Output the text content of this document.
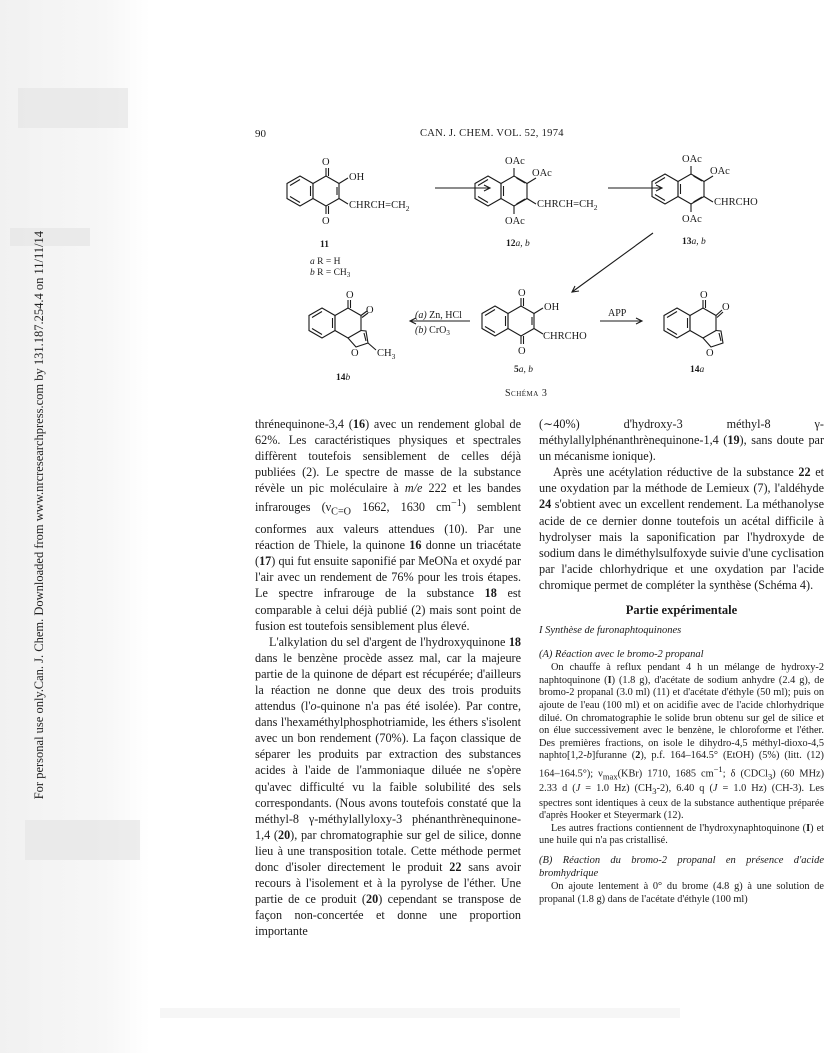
Can. J. Chem. Downloaded from www.nrcresearchpress.com by 131.187.254.4 on 11/11/14
For personal use only.
90	CAN. J. CHEM. VOL. 52, 1974
O
O
OH
$CHRCH=CH_2$
11
a R = H
b $R = CH_3$
OAc
OAc
OAc
$CHRCH=CH_2$
12a, b
OAc
OAc
OAc
CHRCHO
13a, b
O
O
OH
CHRCHO
5a, b
(a) Zn, HCl
(b) CrO$_3$
APP
O
O
O $CH_3$
14b
O
O
O
14a
Schéma 3

thrénequinone-3,4 (16) avec un rendement global de 62%. Les caractéristiques physiques et spectrales diffèrent toutefois sensiblement de celles déjà publiées (2). Le spectre de masse de la substance révèle un pic moléculaire à m/e 222 et les bandes infrarouges ($\nu_{C=O}$ 1662, 1630 $cm^{-1}$) semblent conformes aux valeurs attendues (10). Par une réaction de Thiele, la quinone 16 donne un triacétate (17) qui fut ensuite saponifié par MeONa et oxydé par l'air avec un rendement de 76% pour les trois étapes. Le spectre infrarouge de la substance 18 est comparable à celui déjà publié (2) mais sont point de fusion est toutefois sensiblement plus élevé.

L'alkylation du sel d'argent de l'hydroxyquinone 18 dans le benzène procède assez mal, car la majeure partie de la quinone de départ est récupérée; d'ailleurs la réaction ne donne que deux des trois produits attendus (l'o-quinone n'a pas été isolée). Par contre, dans l'hexaméthylphosphotriamide, les éthers s'isolent avec un bon rendement (70%). La façon classique de séparer les produits par extraction des substances acides à l'aide de l'ammoniaque diluée ne s'opère qu'avec difficulté vu la faible solubilité des sels correspondants. (Nous avons toutefois constaté que la méthyl-8 γ-méthylallyloxy-3 phénanthrènequinone-1,4 (20), par chromatographie sur gel de silice, donne lieu à une transposition totale. Cette méthode permet donc d'isoler directement le produit 22 sans avoir recours à l'isolement et à la pyrolyse de l'éther. Une partie de ce produit (20) cependant se transpose de façon non-concertée et donne une proportion importante

(∼40%) d'hydroxy-3 méthyl-8 γ-méthylallylphénanthrènequinone-1,4 (19), sans doute par un mécanisme ionique).

Après une acétylation réductive de la substance 22 et une oxydation par la méthode de Lemieux (7), l'aldéhyde 24 s'obtient avec un excellent rendement. La méthanolyse acide de ce dernier donne toutefois un acétal difficile à hydrolyser mais la saponification par l'hydroxyde de sodium dans le diméthylsulfoxyde suivie d'une cyclisation par l'acide chlorhydrique et une oxydation par l'acide chromique permet de compléter la synthèse (Schéma 4).

Partie expérimentale

I Synthèse de furonaphtoquinones

(A) Réaction avec le bromo-2 propanal

On chauffe à reflux pendant 4 h un mélange de hydroxy-2 naphtoquinone (I) (1.8 g), d'acétate de sodium anhydre (2.4 g), de bromo-2 propanal (3.0 ml) (11) et d'acétate d'éthyle (50 ml); puis on ajoute de l'eau (100 ml) et on acidifie avec de l'acide chlorhydrique dilué. On chromatographie le solide brun obtenu sur gel de silice et on élue successivement avec le benzène, le chloroforme et l'éther. Des premières fractions, on isole le dihydro-4,5 méthyl-dioxo-4,5 naphto[1,2-b]furanne (2), p.f. 164–164.5° (EtOH) (5%) (litt. (12) 164–164.5°); $\nu_{max}(KBr)$ 1710, 1685 $cm^{-1}$; δ (CDCl$_3$) (60 MHz) 2.33 d (J = 1.0 Hz) $(CH_3-2)$, 6.40 q (J = 1.0 Hz) (CH-3). Les spectres sont identiques à ceux de la substance authentique préparée d'après Hooker et Steyermark (12).

Les autres fractions contiennent de l'hydroxynaphtoquinone (I) et une huile qui n'a pas cristallisé.

(B) Réaction du bromo-2 propanal en présence d'acide bromhydrique

On ajoute lentement à 0° du brome (4.8 g) à une solution de propanal (1.8 g) dans de l'acétate d'éthyle (100 ml)
